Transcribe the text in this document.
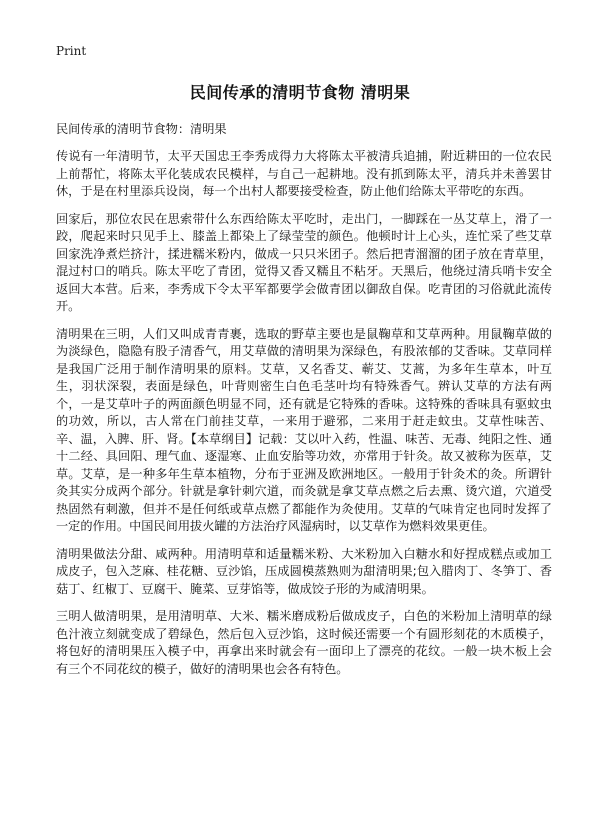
Print
民间传承的清明节食物 清明果

民间传承的清明节食物：清明果

传说有一年清明节，太平天国忠王李秀成得力大将陈太平被清兵追捕，附近耕田的一位农民上前帮忙，将陈太平化装成农民模样，与自己一起耕地。没有抓到陈太平，清兵并未善罢甘休，于是在村里添兵设岗，每一个出村人都要接受检查，防止他们给陈太平带吃的东西。

回家后，那位农民在思索带什么东西给陈太平吃时，走出门，一脚踩在一丛艾草上，滑了一跤，爬起来时只见手上、膝盖上都染上了绿莹莹的颜色。他顿时计上心头，连忙采了些艾草回家洗净煮烂挤汁，揉进糯米粉内，做成一只只米团子。然后把青溜溜的团子放在青草里，混过村口的哨兵。陈太平吃了青团，觉得又香又糯且不粘牙。天黑后，他绕过清兵哨卡安全返回大本营。后来，李秀成下令太平军都要学会做青团以御敌自保。吃青团的习俗就此流传开。

清明果在三明，人们又叫成青青裹，选取的野草主要也是鼠鞠草和艾草两种。用鼠鞠草做的为淡绿色，隐隐有股子清香气，用艾草做的清明果为深绿色，有股浓郁的艾香味。艾草同样是我国广泛用于制作清明果的原料。艾草，又名香艾、蕲艾、艾蒿，为多年生草本，叶互生，羽状深裂，表面是绿色，叶背则密生白色毛茎叶均有特殊香气。辨认艾草的方法有两个，一是艾草叶子的两面颜色明显不同，还有就是它特殊的香味。这特殊的香味具有驱蚊虫的功效，所以，古人常在门前挂艾草，一来用于避邪，二来用于赶走蚊虫。艾草性味苦、辛、温，入脾、肝、肾。【本草纲目】记载：艾以叶入药，性温、味苦、无毒、纯阳之性、通十二经、具回阳、理气血、逐湿寒、止血安胎等功效，亦常用于针灸。故又被称为医草，艾草。艾草，是一种多年生草本植物，分布于亚洲及欧洲地区。一般用于针灸术的灸。所谓针灸其实分成两个部分。针就是拿针刺穴道，而灸就是拿艾草点燃之后去熏、烫穴道，穴道受热固然有刺激，但并不是任何纸或草点燃了都能作为灸使用。艾草的气味肯定也同时发挥了一定的作用。中国民间用拔火罐的方法治疗风湿病时，以艾草作为燃料效果更佳。

清明果做法分甜、咸两种。用清明草和适量糯米粉、大米粉加入白糖水和好捏成糕点或加工成皮子，包入芝麻、桂花糖、豆沙馅，压成圆模蒸熟则为甜清明果;包入腊肉丁、冬笋丁、香菇丁、红椒丁、豆腐干、腌菜、豆芽馅等，做成饺子形的为咸清明果。

三明人做清明果，是用清明草、大米、糯米磨成粉后做成皮子，白色的米粉加上清明草的绿色汁液立刻就变成了碧绿色，然后包入豆沙馅，这时候还需要一个有圆形刻花的木质模子，将包好的清明果压入模子中，再拿出来时就会有一面印上了漂亮的花纹。一般一块木板上会有三个不同花纹的模子，做好的清明果也会各有特色。
